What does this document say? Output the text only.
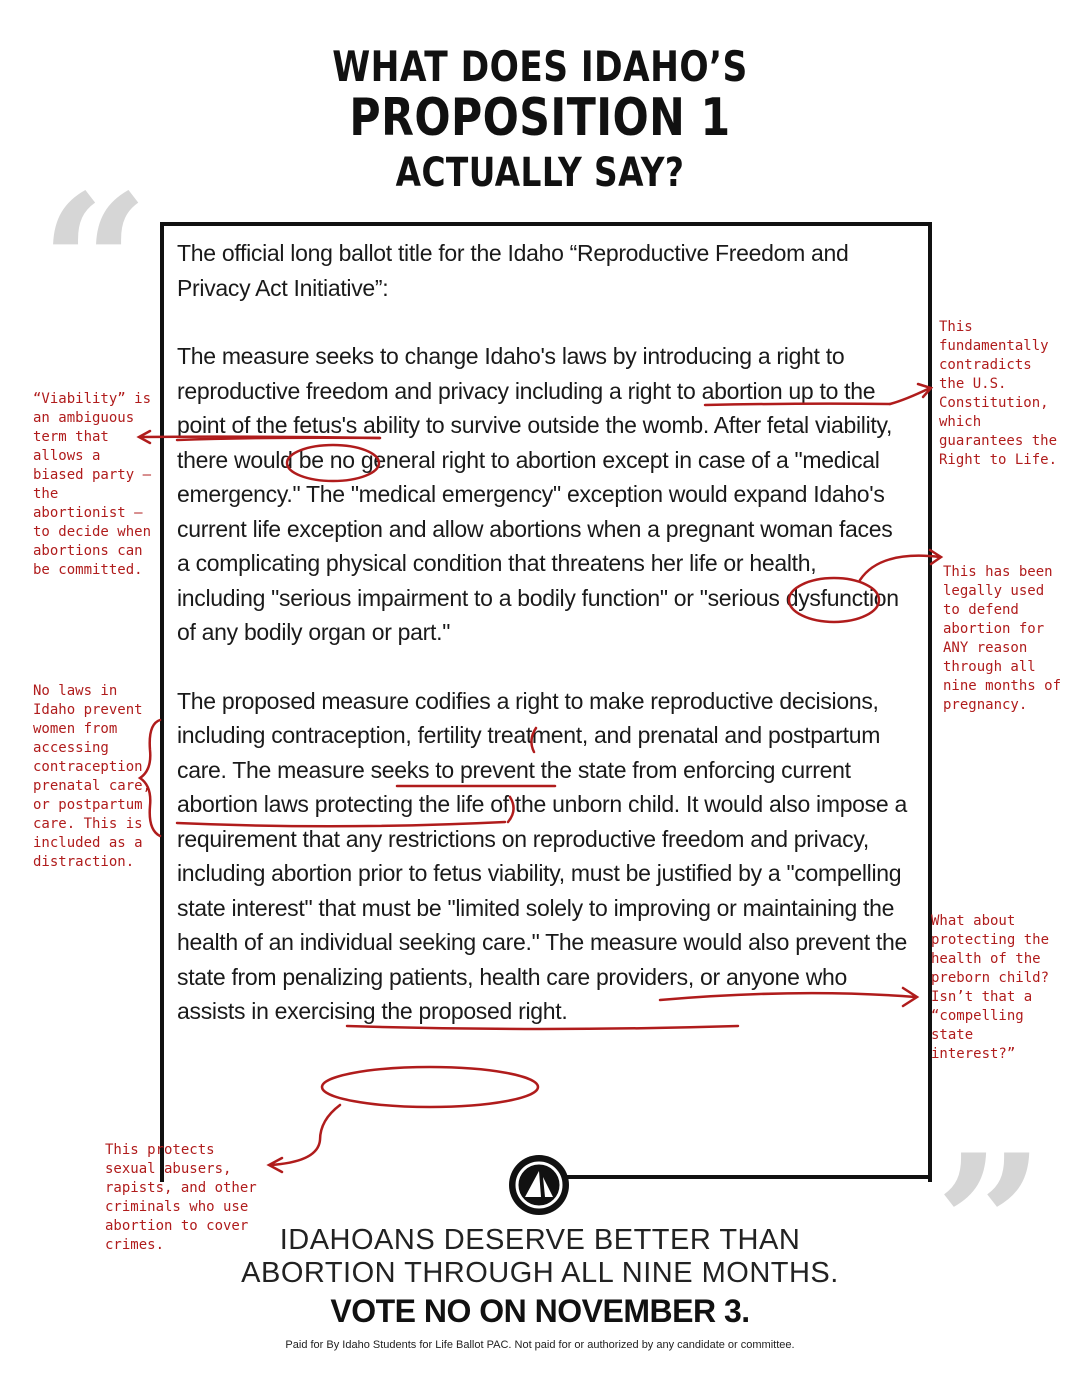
WHAT DOES IDAHO’S
PROPOSITION 1
ACTUALLY SAY?
“
”

The official long ballot title for the Idaho “Reproductive Freedom and Privacy Act Initiative”:

The measure seeks to change Idaho's laws by introducing a right to reproductive freedom and privacy including a right to abortion up to the point of the fetus's ability to survive outside the womb. After fetal viability, there would be no general right to abortion except in case of a "medical emergency." The "medical emergency" exception would expand Idaho's current life exception and allow abortions when a pregnant woman faces a complicating physical condition that threatens her life or health, including "serious impairment to a bodily function" or "serious dysfunction of any bodily organ or part."

The proposed measure codifies a right to make reproductive decisions, including contraception, fertility treatment, and prenatal and postpartum care. The measure seeks to prevent the state from enforcing current abortion laws protecting the life of the unborn child. It would also impose a requirement that any restrictions on reproductive freedom and privacy, including abortion prior to fetus viability, must be justified by a "compelling state interest" that must be "limited solely to improving or maintaining the health of an individual seeking care." The measure would also prevent the state from penalizing patients, health care providers, or anyone who assists in exercising the proposed right.

This fundamentally contradicts the U.S. Constitution, which guarantees the Right to Life.
“Viability” is an ambiguous term that allows a biased party – the abortionist – to decide when abortions can be committed.	This has been legally used to defend abortion for ANY reason through all nine months of pregnancy.
No laws in Idaho prevent women from accessing contraception, prenatal care, or postpartum care. This is included as a distraction.
What about protecting the health of the preborn child? Isn’t that a “compelling state interest?”
This protects sexual abusers, rapists, and other criminals who use abortion to cover crimes.	IDAHOANS DESERVE BETTER THAN
ABORTION THROUGH ALL NINE MONTHS.
VOTE NO ON NOVEMBER 3.
Paid for By Idaho Students for Life Ballot PAC. Not paid for or authorized by any candidate or committee.
